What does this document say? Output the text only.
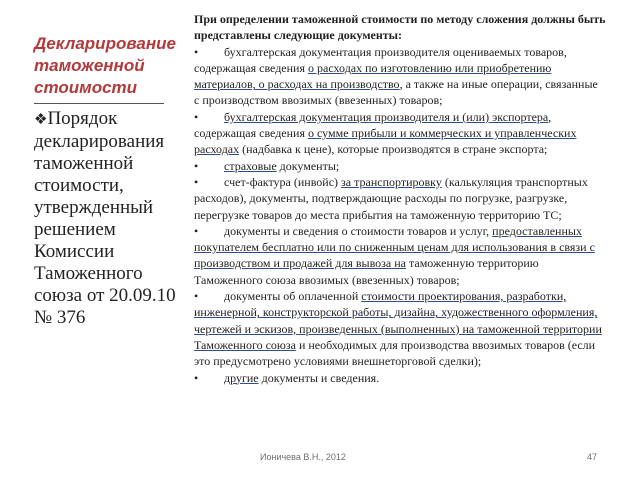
Декларирование таможенной стоимости
❖Порядок декларирования таможенной стоимости, утвержденный решением Комиссии Таможенного союза от 20.09.10 № 376

При определении таможенной стоимости по методу сложения должны быть представлены следующие документы:

• бухгалтерская документация производителя оцениваемых товаров, содержащая сведения о расходах по изготовлению или приобретению материалов, о расходах на производство, а также на иные операции, связанные с производством ввозимых (ввезенных) товаров;
• бухгалтерская документация производителя и (или) экспортера, содержащая сведения о сумме прибыли и коммерческих и управленческих расходах (надбавка к цене), которые производятся в стране экспорта;
• страховые документы;
• счет-фактура (инвойс) за транспортировку (калькуляция транспортных расходов), документы, подтверждающие расходы по погрузке, разгрузке, перегрузке товаров до места прибытия на таможенную территорию ТС;
• документы и сведения о стоимости товаров и услуг, предоставленных покупателем бесплатно или по сниженным ценам для использования в связи с производством и продажей для вывоза на таможенную территорию Таможенного союза ввозимых (ввезенных) товаров;
• документы об оплаченной стоимости проектирования, разработки, инженерной, конструкторской работы, дизайна, художественного оформления, чертежей и эскизов, произведенных (выполненных) на таможенной территории Таможенного союза и необходимых для производства ввозимых товаров (если это предусмотрено условиями внешнеторговой сделки);
• другие документы и сведения.
Ионичева В.Н., 2012	47
